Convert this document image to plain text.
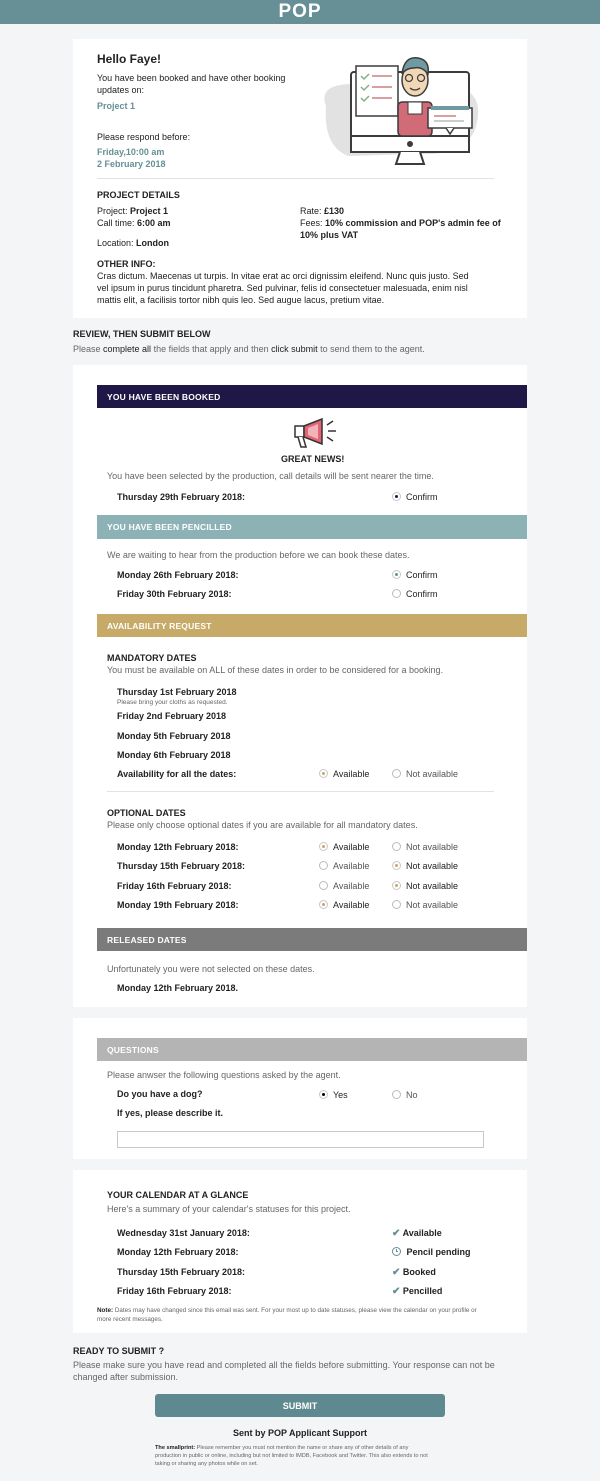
POP
Hello Faye!
You have been booked and have other booking
updates on:
Project 1
Please respond before:
Friday,10:00 am
2 February 2018
PROJECT DETAILS
Project: Project 1
Call time: 6:00 am
Location: London
Rate: £130
Fees: 10% commission and POP's admin fee of
10% plus VAT
OTHER INFO:
Cras dictum. Maecenas ut turpis. In vitae erat ac orci dignissim eleifend. Nunc quis justo. Sed
vel ipsum in purus tincidunt pharetra. Sed pulvinar, felis id consectetuer malesuada, enim nisl
mattis elit, a facilisis tortor nibh quis leo. Sed augue lacus, pretium vitae.
REVIEW, THEN SUBMIT BELOW
Please complete all the fields that apply and then click submit to send them to the agent.
YOU HAVE BEEN BOOKED
GREAT NEWS!
You have been selected by the production, call details will be sent nearer the time.
Thursday 29th February 2018:	Confirm
YOU HAVE BEEN PENCILLED
We are waiting to hear from the production before we can book these dates.
Monday 26th February 2018:	Confirm
Friday 30th February 2018:	Confirm
AVAILABILITY REQUEST
MANDATORY DATES
You must be available on ALL of these dates in order to be considered for a booking.
Thursday 1st February 2018
Please bring your cloths as requested.
Friday 2nd February 2018
Monday 5th February 2018
Monday 6th February 2018
Availability for all the dates:	Available	Not available
OPTIONAL DATES
Please only choose optional dates if you are available for all mandatory dates.
Monday 12th February 2018:	Available	Not available
Thursday 15th February 2018:	Available	Not available
Friday 16th February 2018:	Available	Not available
Monday 19th February 2018:	Available	Not available
RELEASED DATES
Unfortunately you were not selected on these dates.
Monday 12th February 2018.
QUESTIONS
Please anwser the following questions asked by the agent.
Do you have a dog?	Yes	No
If yes, please describe it.
YOUR CALENDAR AT A GLANCE
Here's a summary of your calendar's statuses for this project.
Wednesday 31st January 2018:	✔ Available
Monday 12th February 2018:	Pencil pending
Thursday 15th February 2018:	✔ Booked
Friday 16th February 2018:	✔ Pencilled
Note: Dates may have changed since this email was sent. For your most up to date statuses, please view the calendar on your profile or
more recent messages.
READY TO SUBMIT ?
Please make sure you have read and completed all the fields before submitting. Your response can not be
changed after submission.
SUBMIT
Sent by POP Applicant Support
The smallprint: Please remember you must not mention the name or share any of other details of any
production in public or online, including but not limited to IMDB, Facebook and Twitter. This also extends to not
taking or sharing any photos while on set.
